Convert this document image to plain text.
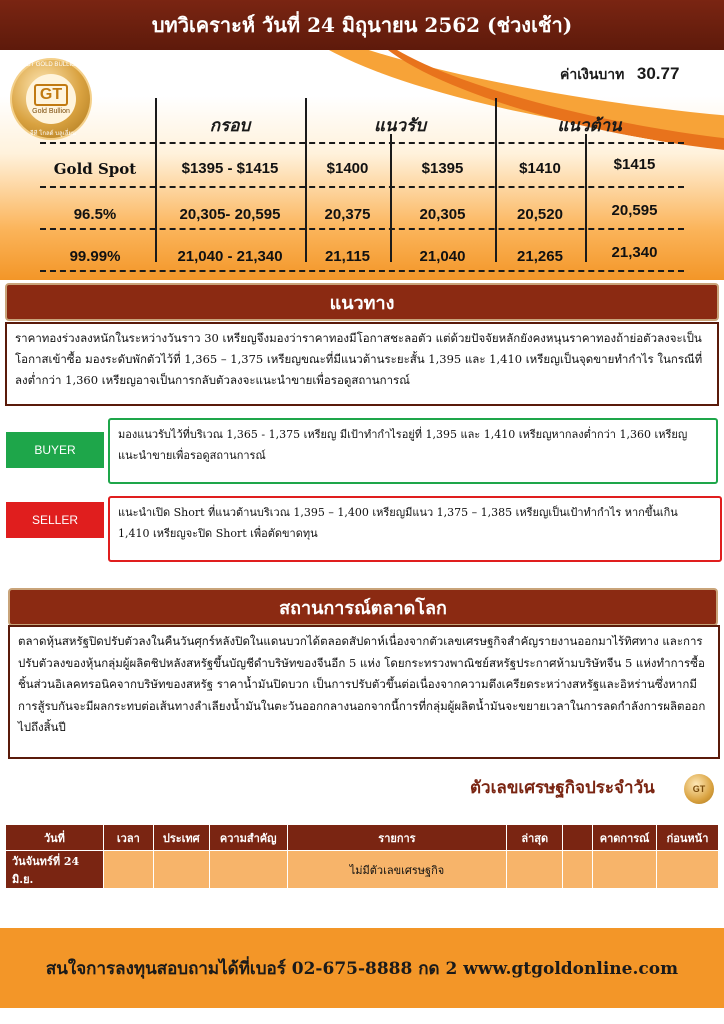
บทวิเคราะห์ วันที่ 24 มิถุนายน 2562 (ช่วงเช้า)
GT GOLD BULLION
GT
Gold Bullion
จีที โกลด์ บลูเลี่ยน
ค่าเงินบาท 30.77
กรอบ	แนวรับ	แนวต้าน
Gold Spot	$1395 - $1415	$1400	$1395	$1410	$1415
96.5%	20,305- 20,595	20,375	20,305	20,520	20,595
99.99%	21,040 - 21,340	21,115	21,040	21,265	21,340
แนวทาง

ราคาทองร่วงลงหนักในระหว่างวันราว 30 เหรียญจึงมองว่าราคาทองมีโอกาสชะลอตัว แต่ด้วยปัจจัยหลักยังคงหนุนราคาทองถ้าย่อตัวลงจะเป็นโอกาสเข้าซื้อ มองระดับพักตัวไว้ที่ 1,365 – 1,375 เหรียญขณะที่มีแนวต้านระยะสั้น 1,395 และ 1,410 เหรียญเป็นจุดขายทำกำไร ในกรณีที่ลงต่ำกว่า 1,360 เหรียญอาจเป็นการกลับตัวลงจะแนะนำขายเพื่อรอดูสถานการณ์

BUYER

มองแนวรับไว้ที่บริเวณ 1,365 - 1,375 เหรียญ มีเป้าทำกำไรอยู่ที่ 1,395 และ 1,410 เหรียญหากลงต่ำกว่า 1,360 เหรียญแนะนำขายเพื่อรอดูสถานการณ์

SELLER

แนะนำเปิด Short ที่แนวต้านบริเวณ 1,395 – 1,400 เหรียญมีแนว 1,375 – 1,385 เหรียญเป็นเป้าทำกำไร หากขึ้นเกิน 1,410 เหรียญจะปิด Short เพื่อตัดขาดทุน

สถานการณ์ตลาดโลก

ตลาดหุ้นสหรัฐปิดปรับตัวลงในคืนวันศุกร์หลังปิดในแดนบวกได้ตลอดสัปดาห์เนื่องจากตัวเลขเศรษฐกิจสำคัญรายงานออกมาไร้ทิศทาง และการปรับตัวลงของหุ้นกลุ่มผู้ผลิตชิปหลังสหรัฐขึ้นบัญชีดำบริษัทของจีนอีก 5 แห่ง โดยกระทรวงพาณิชย์สหรัฐประกาศห้ามบริษัทจีน 5 แห่งทำการซื้อชิ้นส่วนอิเลคทรอนิคจากบริษัทของสหรัฐ ราคาน้ำมันปิดบวก เป็นการปรับตัวขึ้นต่อเนื่องจากความตึงเครียดระหว่างสหรัฐและอิหร่านซึ่งหากมีการสู้รบกันจะมีผลกระทบต่อเส้นทางลำเลียงน้ำมันในตะวันออกกลางนอกจากนี้การที่กลุ่มผู้ผลิตน้ำมันจะขยายเวลาในการลดกำลังการผลิตออกไปถึงสิ้นปี

ตัวเลขเศรษฐกิจประจำวัน	GT
วันที่	เวลา	ประเทศ	ความสำคัญ	รายการ	ล่าสุด		คาดการณ์	ก่อนหน้า
วันจันทร์ที่ 24 มิ.ย.				ไม่มีตัวเลขเศรษฐกิจ				
สนใจการลงทุนสอบถามได้ที่เบอร์ 02-675-8888 กด 2 www.gtgoldonline.com
